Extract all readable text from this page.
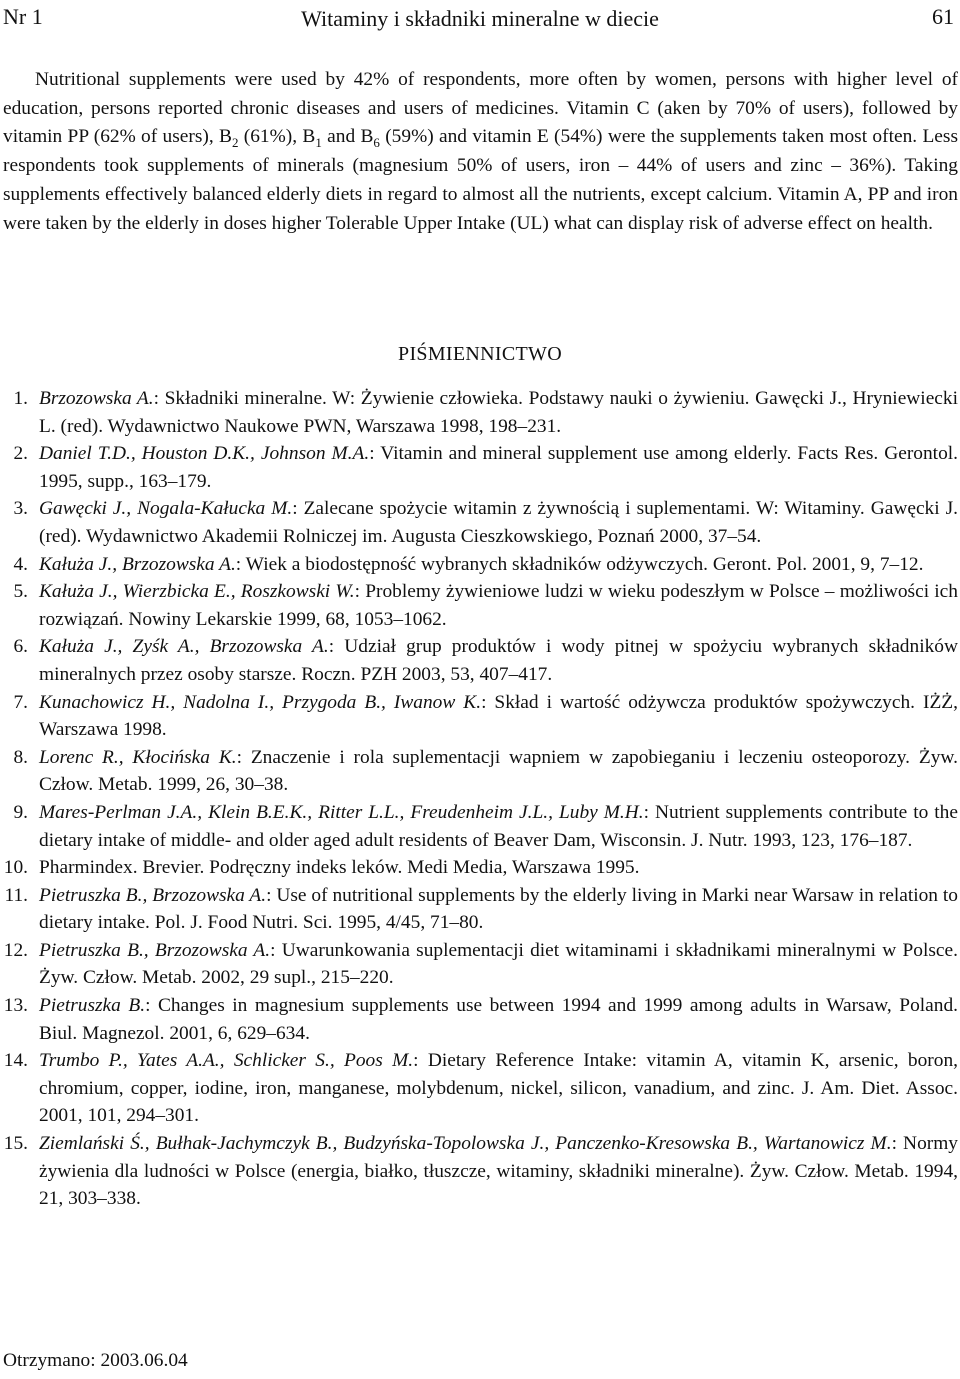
Nr 1	Witaminy i składniki mineralne w diecie	61

Nutritional supplements were used by 42% of respondents, more often by women, persons with higher level of education, persons reported chronic diseases and users of medicines. Vitamin C (aken by 70% of users), followed by vitamin PP (62% of users), $B_2$ (61%), $B_1$ and $B_6$ (59%) and vitamin E (54%) were the supplements taken most often. Less respondents took supplements of minerals (magnesium 50% of users, iron – 44% of users and zinc – 36%). Taking supplements effectively balanced elderly diets in regard to almost all the nutrients, except calcium. Vitamin A, PP and iron were taken by the elderly in doses higher Tolerable Upper Intake (UL) what can display risk of adverse effect on health.

PIŚMIENNICTWO
1. Brzozowska A.: Składniki mineralne. W: Żywienie człowieka. Podstawy nauki o żywieniu. Gawęcki J., Hryniewiecki L. (red). Wydawnictwo Naukowe PWN, Warszawa 1998, 198–231.
2. Daniel T.D., Houston D.K., Johnson M.A.: Vitamin and mineral supplement use among elderly. Facts Res. Gerontol. 1995, supp., 163–179.
3. Gawęcki J., Nogala-Kałucka M.: Zalecane spożycie witamin z żywnością i suplementami. W: Witaminy. Gawęcki J. (red). Wydawnictwo Akademii Rolniczej im. Augusta Cieszkowskiego, Poznań 2000, 37–54.
4. Kałuża J., Brzozowska A.: Wiek a biodostępność wybranych składników odżywczych. Geront. Pol. 2001, 9, 7–12.
5. Kałuża J., Wierzbicka E., Roszkowski W.: Problemy żywieniowe ludzi w wieku podeszłym w Polsce – możliwości ich rozwiązań. Nowiny Lekarskie 1999, 68, 1053–1062.
6. Kałuża J., Zyśk A., Brzozowska A.: Udział grup produktów i wody pitnej w spożyciu wybranych składników mineralnych przez osoby starsze. Roczn. PZH 2003, 53, 407–417.
7. Kunachowicz H., Nadolna I., Przygoda B., Iwanow K.: Skład i wartość odżywcza produktów spożywczych. IŻŻ, Warszawa 1998.
8. Lorenc R., Kłocińska K.: Znaczenie i rola suplementacji wapniem w zapobieganiu i leczeniu osteoporozy. Żyw. Człow. Metab. 1999, 26, 30–38.
9. Mares-Perlman J.A., Klein B.E.K., Ritter L.L., Freudenheim J.L., Luby M.H.: Nutrient supplements contribute to the dietary intake of middle- and older aged adult residents of Beaver Dam, Wisconsin. J. Nutr. 1993, 123, 176–187.
10. Pharmindex. Brevier. Podręczny indeks leków. Medi Media, Warszawa 1995.
11. Pietruszka B., Brzozowska A.: Use of nutritional supplements by the elderly living in Marki near Warsaw in relation to dietary intake. Pol. J. Food Nutri. Sci. 1995, 4/45, 71–80.
12. Pietruszka B., Brzozowska A.: Uwarunkowania suplementacji diet witaminami i składnikami mineralnymi w Polsce. Żyw. Człow. Metab. 2002, 29 supl., 215–220.
13. Pietruszka B.: Changes in magnesium supplements use between 1994 and 1999 among adults in Warsaw, Poland. Biul. Magnezol. 2001, 6, 629–634.
14. Trumbo P., Yates A.A., Schlicker S., Poos M.: Dietary Reference Intake: vitamin A, vitamin K, arsenic, boron, chromium, copper, iodine, iron, manganese, molybdenum, nickel, silicon, vanadium, and zinc. J. Am. Diet. Assoc. 2001, 101, 294–301.
15. Ziemlański Ś., Bułhak-Jachymczyk B., Budzyńska-Topolowska J., Panczenko-Kresowska B., Wartanowicz M.: Normy żywienia dla ludności w Polsce (energia, białko, tłuszcze, witaminy, składniki mineralne). Żyw. Człow. Metab. 1994, 21, 303–338.
Otrzymano: 2003.06.04
